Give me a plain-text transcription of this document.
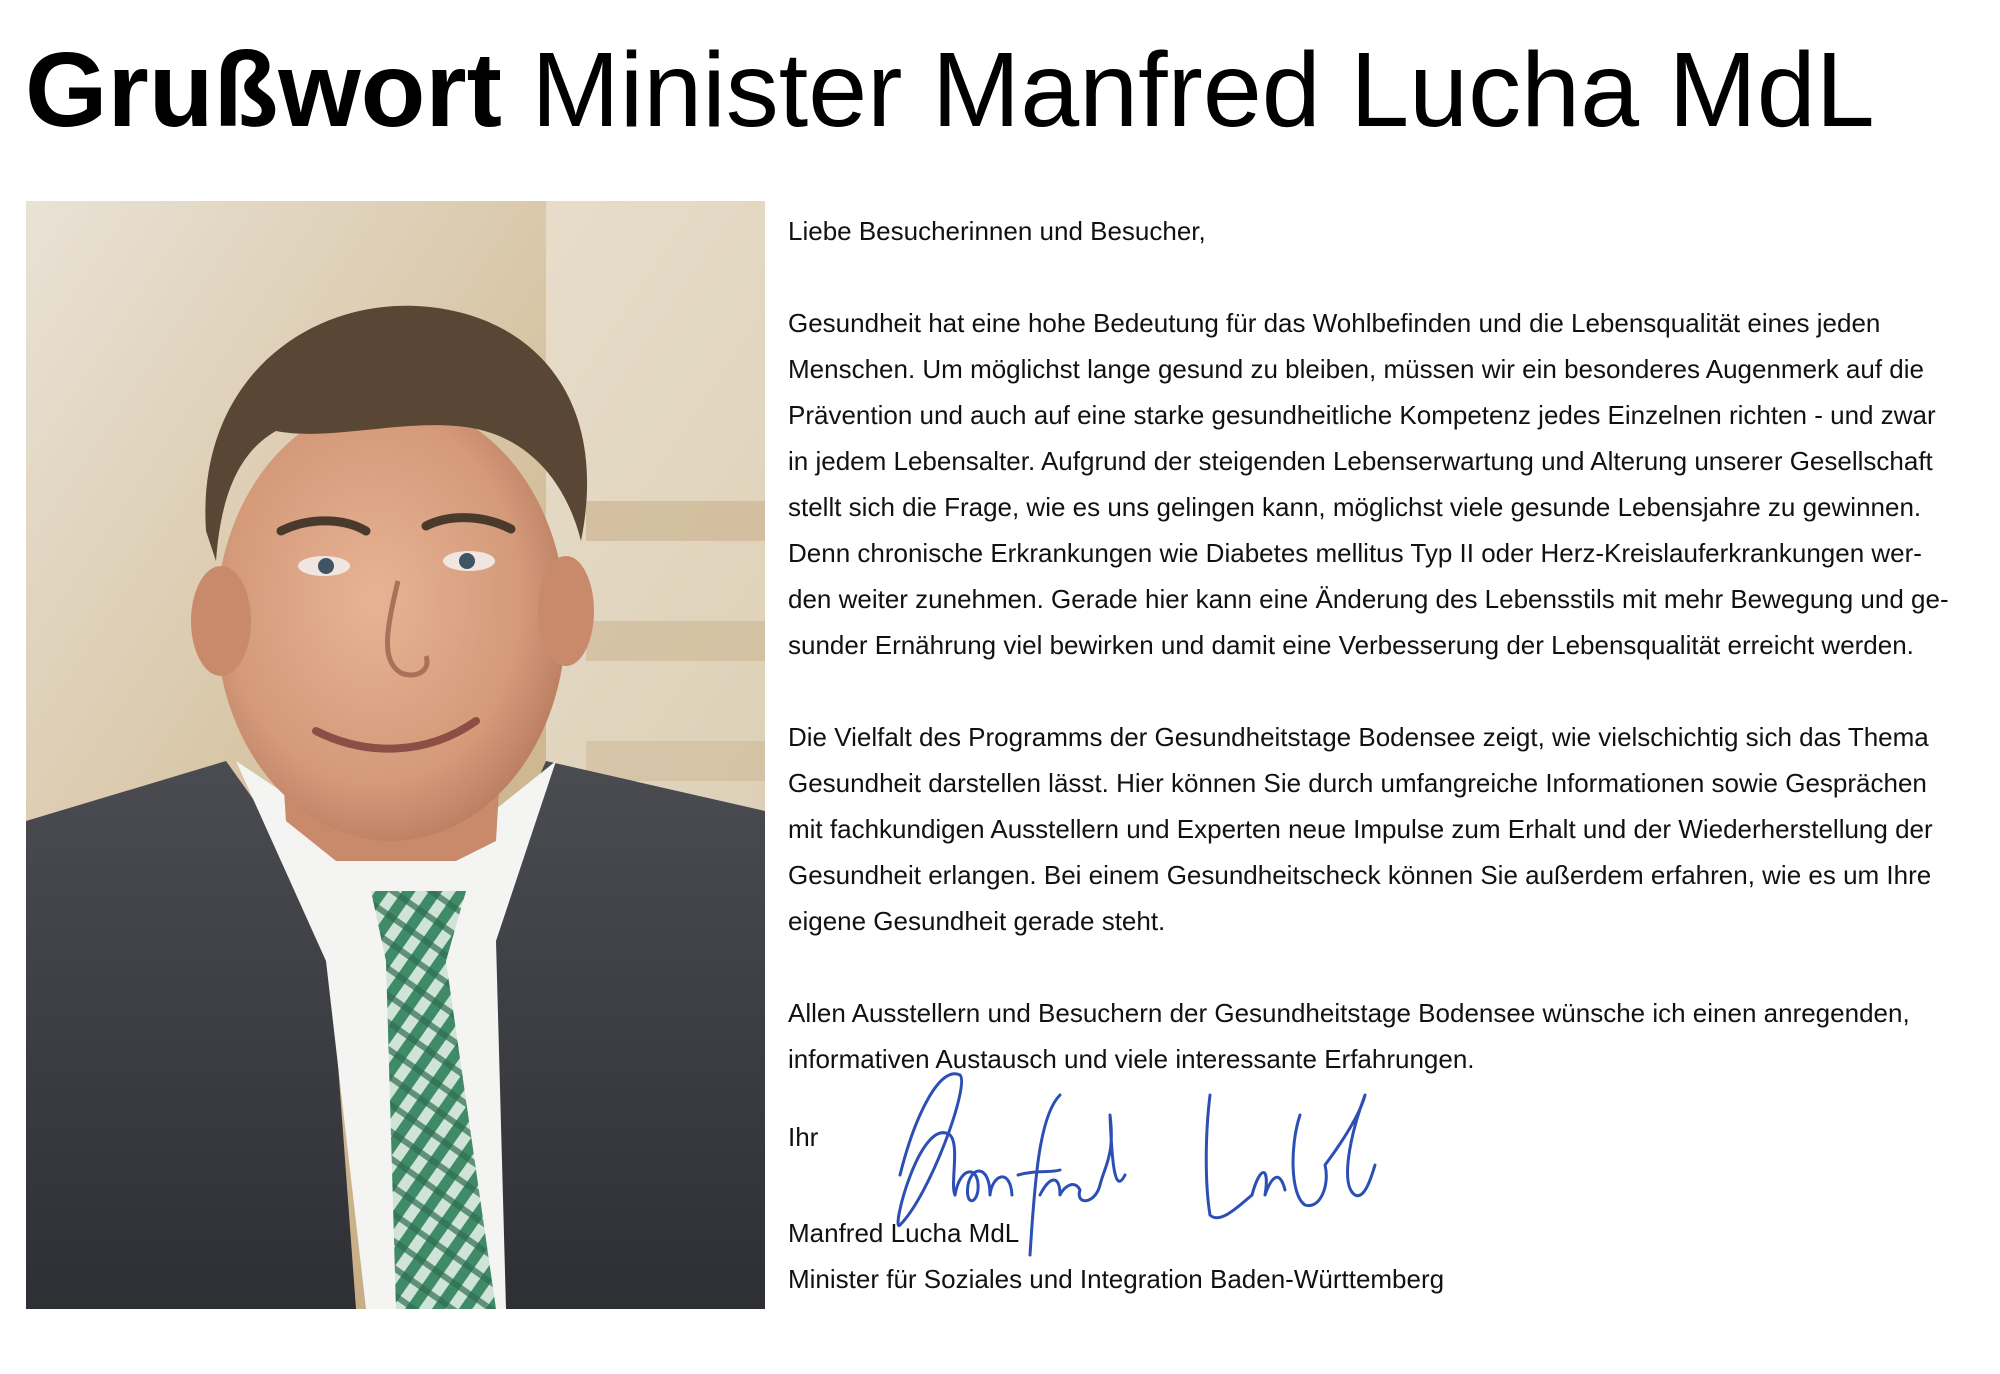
Grußwort Minister Manfred Lucha MdL
Liebe Besucherinnen und Besucher,
Gesundheit hat eine hohe Bedeutung für das Wohlbefinden und die Lebensqualität eines jeden
Menschen. Um möglichst lange gesund zu bleiben, müssen wir ein besonderes Augenmerk auf die
Prävention und auch auf eine starke gesundheitliche Kompetenz jedes Einzelnen richten - und zwar
in jedem Lebensalter. Aufgrund der steigenden Lebenserwartung und Alterung unserer Gesellschaft
stellt sich die Frage, wie es uns gelingen kann, möglichst viele gesunde Lebensjahre zu gewinnen.
Denn chronische Erkrankungen wie Diabetes mellitus Typ II oder Herz-Kreislauferkrankungen wer-
den weiter zunehmen. Gerade hier kann eine Änderung des Lebensstils mit mehr Bewegung und ge-
sunder Ernährung viel bewirken und damit eine Verbesserung der Lebensqualität erreicht werden.
Die Vielfalt des Programms der Gesundheitstage Bodensee zeigt, wie vielschichtig sich das Thema
Gesundheit darstellen lässt. Hier können Sie durch umfangreiche Informationen sowie Gesprächen
mit fachkundigen Ausstellern und Experten neue Impulse zum Erhalt und der Wiederherstellung der
Gesundheit erlangen. Bei einem Gesundheitscheck können Sie außerdem erfahren, wie es um Ihre
eigene Gesundheit gerade steht.
Allen Ausstellern und Besuchern der Gesundheitstage Bodensee wünsche ich einen anregenden,
informativen Austausch und viele interessante Erfahrungen.
Ihr
Manfred Lucha MdL
Minister für Soziales und Integration Baden-Württemberg
